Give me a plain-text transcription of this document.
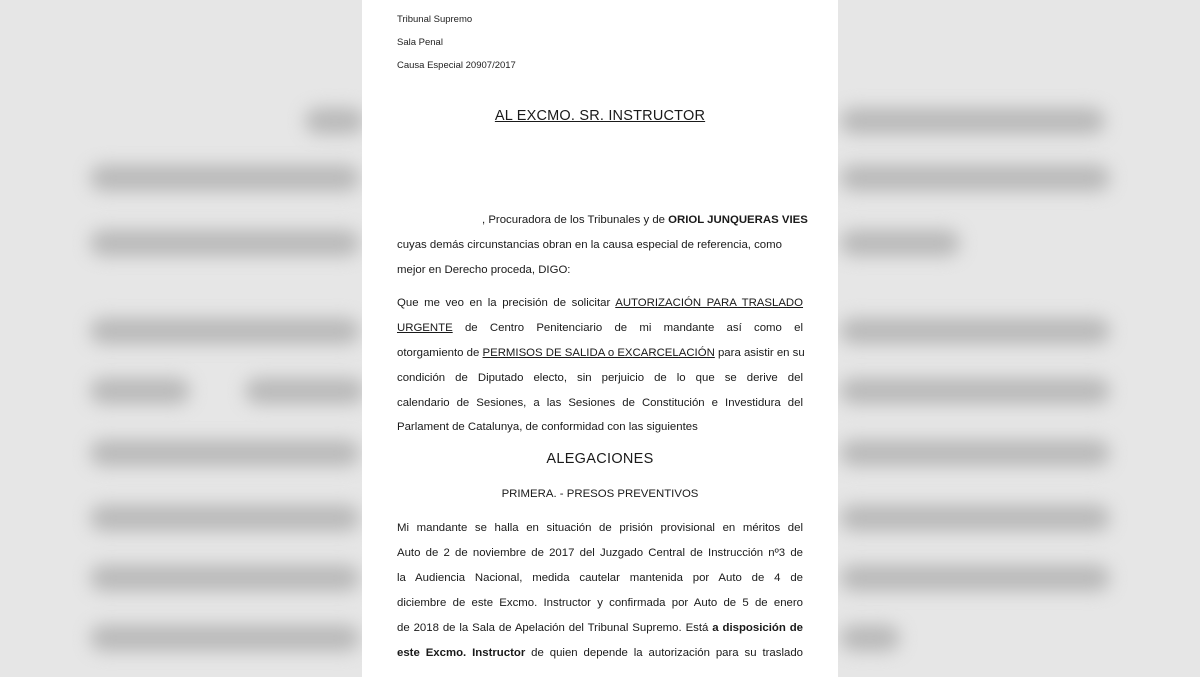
Tribunal Supremo
Sala Penal
Causa Especial 20907/2017
AL EXCMO. SR. INSTRUCTOR
, Procuradora de los Tribunales y de ORIOL JUNQUERAS VIES
cuyas demás circunstancias obran en la causa especial de referencia, como
mejor en Derecho proceda, DIGO:
Que me veo en la precisión de solicitar AUTORIZACIÓN PARA TRASLADO
URGENTE de Centro Penitenciario de mi mandante así como el
otorgamiento de PERMISOS DE SALIDA o EXCARCELACIÓN para asistir en su
condición de Diputado electo, sin perjuicio de lo que se derive del
calendario de Sesiones, a las Sesiones de Constitución e Investidura del
Parlament de Catalunya, de conformidad con las siguientes
ALEGACIONES
PRIMERA. - PRESOS PREVENTIVOS
Mi mandante se halla en situación de prisión provisional en méritos del
Auto de 2 de noviembre de 2017 del Juzgado Central de Instrucción nº3 de
la Audiencia Nacional, medida cautelar mantenida por Auto de 4 de
diciembre de este Excmo. Instructor y confirmada por Auto de 5 de enero
de 2018 de la Sala de Apelación del Tribunal Supremo. Está a disposición de
este Excmo. Instructor de quien depende la autorización para su traslado
